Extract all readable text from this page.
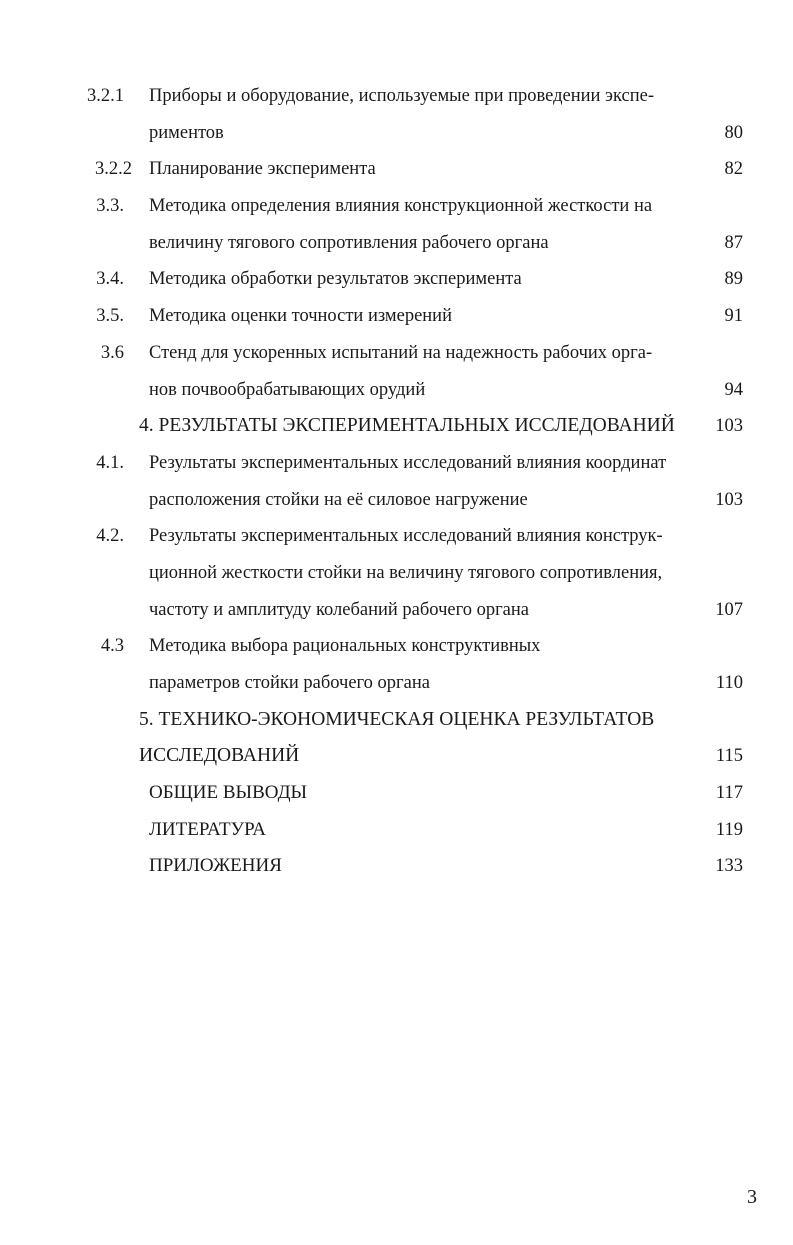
3.2.1 Приборы и оборудование, используемые при проведении экспе-
риментов	80
3.2.2 Планирование эксперимента	82
3.3. Методика определения влияния конструкционной жесткости на
величину тягового сопротивления рабочего органа	87
3.4. Методика обработки результатов эксперимента	89
3.5. Методика оценки точности измерений	91
3.6 Стенд для ускоренных испытаний на надежность рабочих орга-
нов почвообрабатывающих орудий	94
4. РЕЗУЛЬТАТЫ ЭКСПЕРИМЕНТАЛЬНЫХ ИССЛЕДОВАНИЙ 103
4.1. Результаты экспериментальных исследований влияния координат
расположения стойки на её силовое нагружение	103
4.2. Результаты экспериментальных исследований влияния конструк-
ционной жесткости стойки на величину тягового сопротивления,
частоту и амплитуду колебаний рабочего органа	107
4.3 Методика выбора рациональных конструктивных
параметров стойки рабочего органа	110
5. ТЕХНИКО-ЭКОНОМИЧЕСКАЯ ОЦЕНКА РЕЗУЛЬТАТОВ
ИССЛЕДОВАНИЙ	115
ОБЩИЕ ВЫВОДЫ	117
ЛИТЕРАТУРА	119
ПРИЛОЖЕНИЯ	133
3
